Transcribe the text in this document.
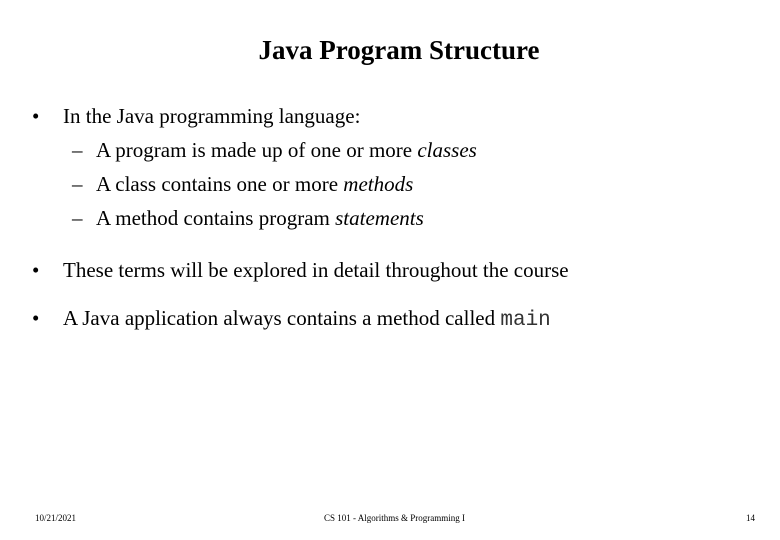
Java Program Structure
• In the Java programming language:
– A program is made up of one or more classes
– A class contains one or more methods
– A method contains program statements
• These terms will be explored in detail throughout the course
• A Java application always contains a method called main
10/21/2021	CS 101 - Algorithms & Programming I	14
